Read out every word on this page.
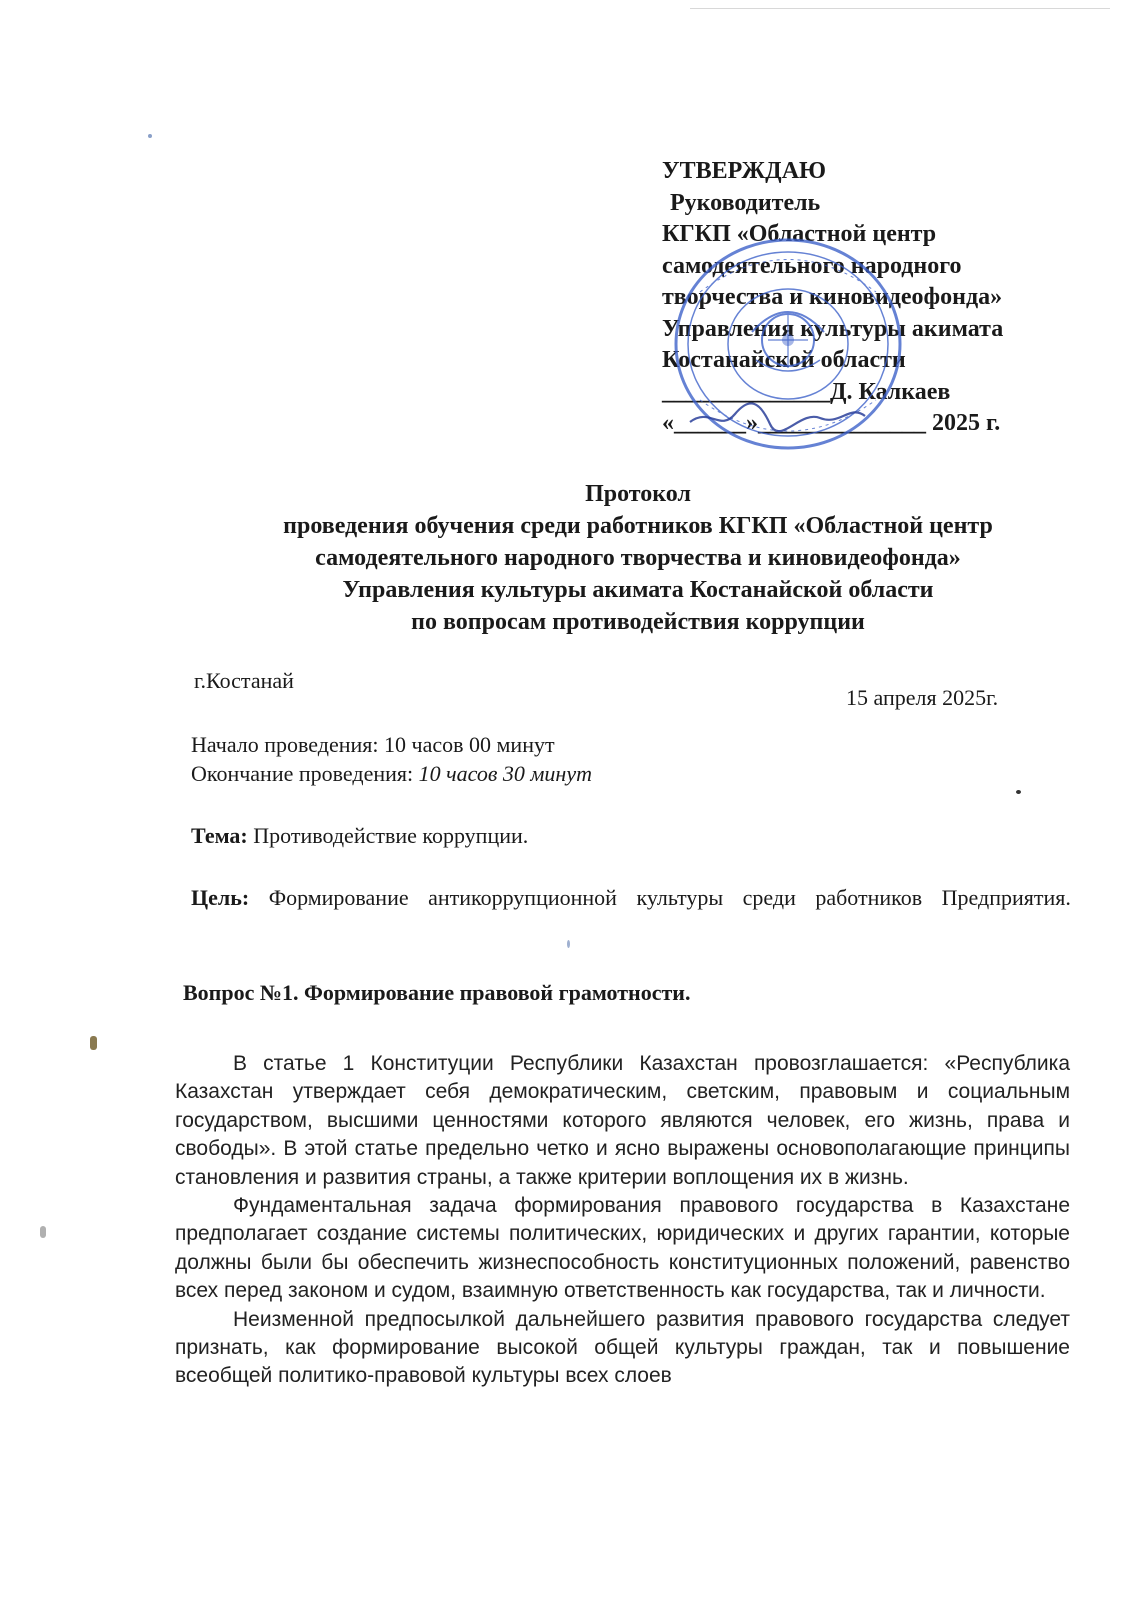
УТВЕРЖДАЮ
Руководитель
КГКП «Областной центр
самодеятельного народного
творчества и киновидеофонда»
Управления культуры акимата
Костанайской области
______________Д. Калкаев
«______»______________ 2025 г.
Протокол
проведения обучения среди работников КГКП «Областной центр
самодеятельного народного творчества и киновидеофонда»
Управления культуры акимата Костанайской области
по вопросам противодействия коррупции
г.Костанай
15 апреля 2025г.
Начало проведения: 10 часов 00 минут
Окончание проведения: 10 часов 30 минут
Тема: Противодействие коррупции.
Цель: Формирование антикоррупционной культуры среди работников Предприятия.
Вопрос №1. Формирование правовой грамотности.

В статье 1 Конституции Республики Казахстан провозглашается: «Республика Казахстан утверждает себя демократическим, светским, правовым и социальным государством, высшими ценностями которого являются человек, его жизнь, права и свободы». В этой статье предельно четко и ясно выражены основополагающие принципы становления и развития страны, а также критерии воплощения их в жизнь.

Фундаментальная задача формирования правового государства в Казахстане предполагает создание системы политических, юридических и других гарантии, которые должны были бы обеспечить жизнеспособность конституционных положений, равенство всех перед законом и судом, взаимную ответственность как государства, так и личности.

Неизменной предпосылкой дальнейшего развития правового государства следует признать, как формирование высокой общей культуры граждан, так и повышение всеобщей политико-правовой культуры всех слоев
